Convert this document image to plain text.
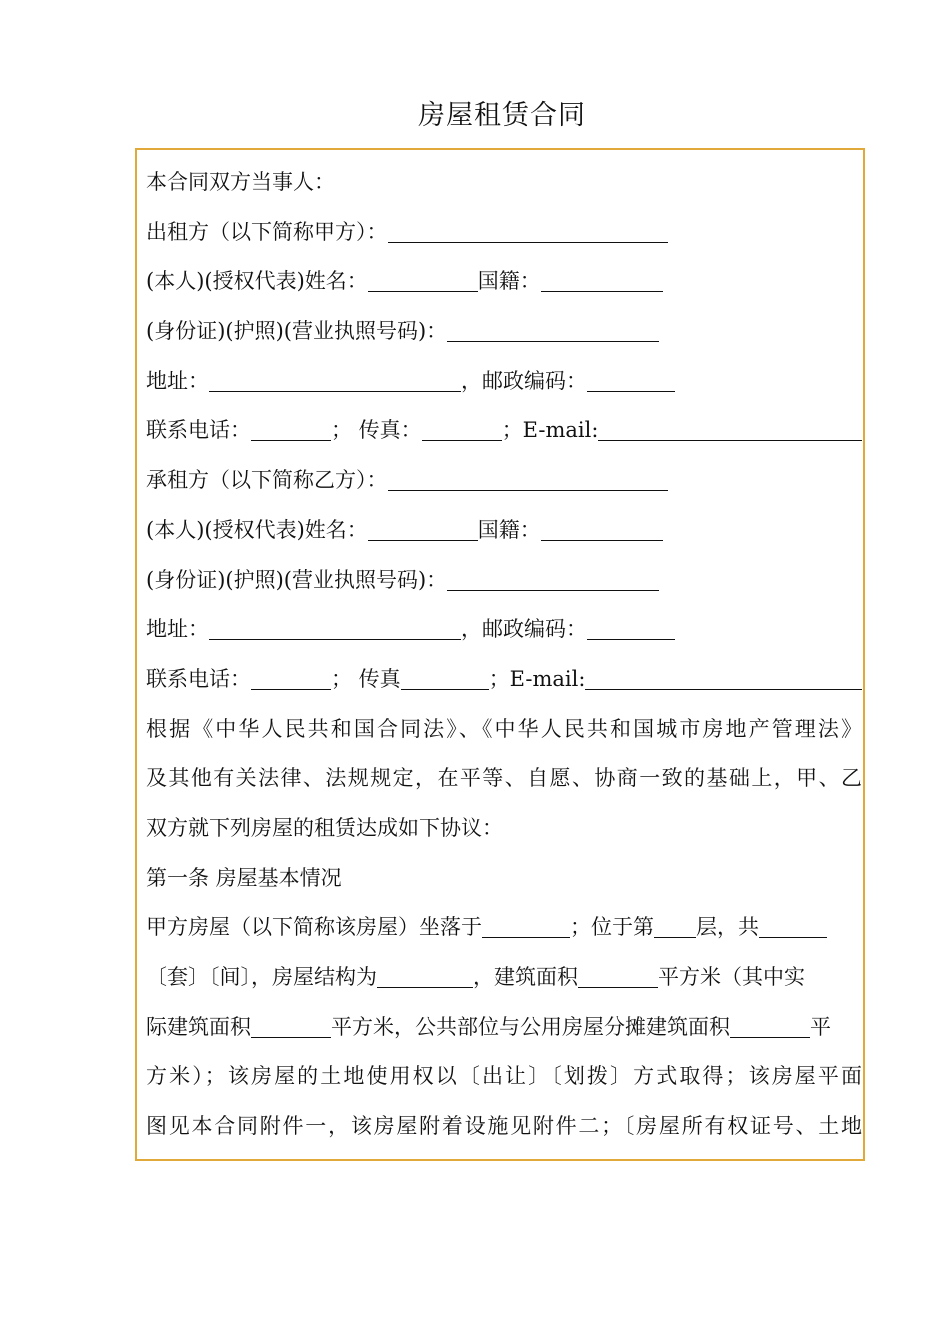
房屋租赁合同
本合同双方当事人：
出租方（以下简称甲方）：
(本人)(授权代表)姓名：	国籍：
(身份证)(护照)(营业执照号码)：
地址：	，邮政编码：
联系电话：	； 传真：	；E-mail:
承租方（以下简称乙方）：
(本人)(授权代表)姓名：	国籍：
(身份证)(护照)(营业执照号码)：
地址：	，邮政编码：
联系电话：	； 传真	；E-mail:
根据《中华人民共和国合同法》、《中华人民共和国城市房地产管理法》
及其他有关法律、法规规定，在平等、自愿、协商一致的基础上，甲、乙
双方就下列房屋的租赁达成如下协议：
第一条 房屋基本情况
甲方房屋（以下简称该房屋）坐落于	；位于第 层，共
〔套〕〔间〕，房屋结构为	，建筑面积	平方米（其中实
际建筑面积	平方米，公共部位与公用房屋分摊建筑面积	平
方米）；该房屋的土地使用权以〔出让〕〔划拨〕方式取得；该房屋平面
图见本合同附件一，该房屋附着设施见附件二；〔房屋所有权证号、土地
